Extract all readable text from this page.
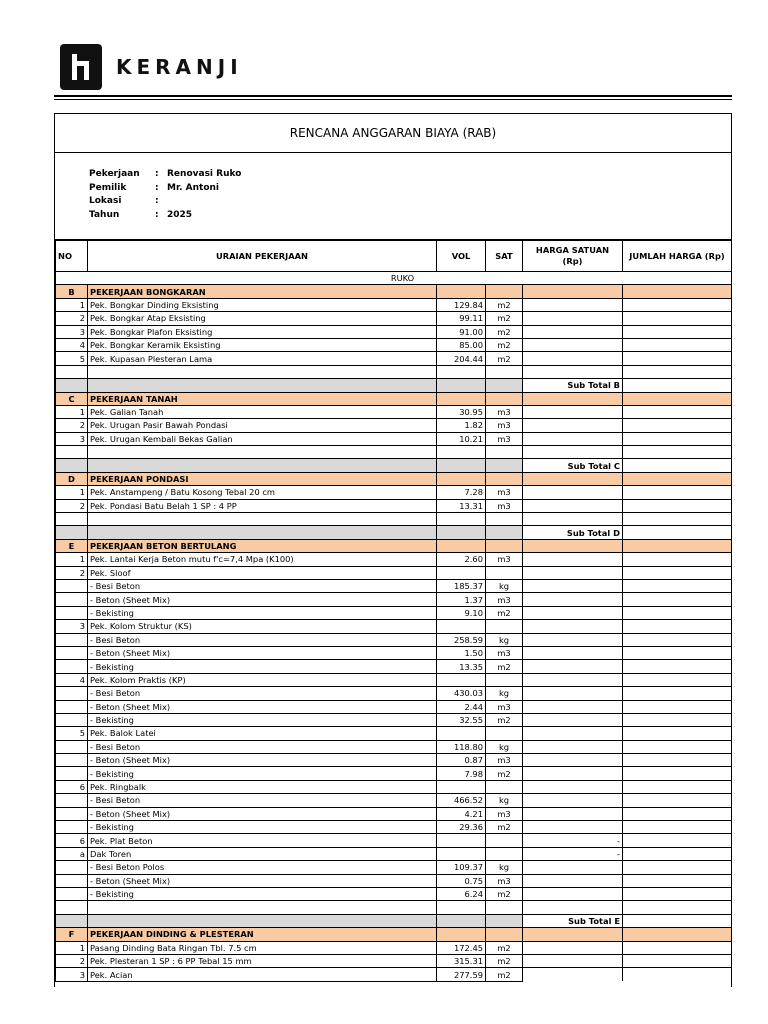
KERANJI
RENCANA ANGGARAN BIAYA (RAB)
Pekerjaan	: Renovasi Ruko
Pemilik	: Mr. Antoni
Lokasi	:
Tahun	: 2025
NO	URAIAN PEKERJAAN	VOL	SAT	HARGA SATUAN (Rp)	JUMLAH HARGA (Rp)
RUKO					
B	PEKERJAAN BONGKARAN				
1	Pek. Bongkar Dinding Eksisting	129.84	m2		
2	Pek. Bongkar Atap Eksisting	99.11	m2		
3	Pek. Bongkar Plafon Eksisting	91.00	m2		
4	Pek. Bongkar Keramik Eksisting	85.00	m2		
5	Pek. Kupasan Plesteran Lama	204.44	m2		

				Sub Total B	
C	PEKERJAAN TANAH				
1	Pek. Galian Tanah	30.95	m3		
2	Pek. Urugan Pasir Bawah Pondasi	1.82	m3		
3	Pek. Urugan Kembali Bekas Galian	10.21	m3		

				Sub Total C	
D	PEKERJAAN PONDASI				
1	Pek. Anstampeng / Batu Kosong Tebal 20 cm	7.28	m3		
2	Pek. Pondasi Batu Belah 1 SP : 4 PP	13.31	m3		

				Sub Total D	
E	PEKERJAAN BETON BERTULANG				
1	Pek. Lantai Kerja Beton mutu f'c=7,4 Mpa (K100)	2.60	m3		
2	Pek. Sloof				
	- Besi Beton	185.37	kg		
	- Beton (Sheet Mix)	1.37	m3		
	- Bekisting	9.10	m2		
3	Pek. Kolom Struktur (KS)				
	- Besi Beton	258.59	kg		
	- Beton (Sheet Mix)	1.50	m3		
	- Bekisting	13.35	m2		
4	Pek. Kolom Praktis (KP)				
	- Besi Beton	430.03	kg		
	- Beton (Sheet Mix)	2.44	m3		
	- Bekisting	32.55	m2		
5	Pek. Balok Latei				
	- Besi Beton	118.80	kg		
	- Beton (Sheet Mix)	0.87	m3		
	- Bekisting	7.98	m2		
6	Pek. Ringbalk				
	- Besi Beton	466.52	kg		
	- Beton (Sheet Mix)	4.21	m3		
	- Bekisting	29.36	m2		
6	Pek. Plat Beton			-	
a	Dak Toren			-	
	- Besi Beton Polos	109.37	kg		
	- Beton (Sheet Mix)	0.75	m3		
	- Bekisting	6.24	m2		

				Sub Total E	
F	PEKERJAAN DINDING & PLESTERAN				
1	Pasang Dinding Bata Ringan Tbl. 7.5 cm	172.45	m2		
2	Pek. Plesteran 1 SP : 6 PP Tebal 15 mm	315.31	m2		
3	Pek. Acian	277.59	m2		
